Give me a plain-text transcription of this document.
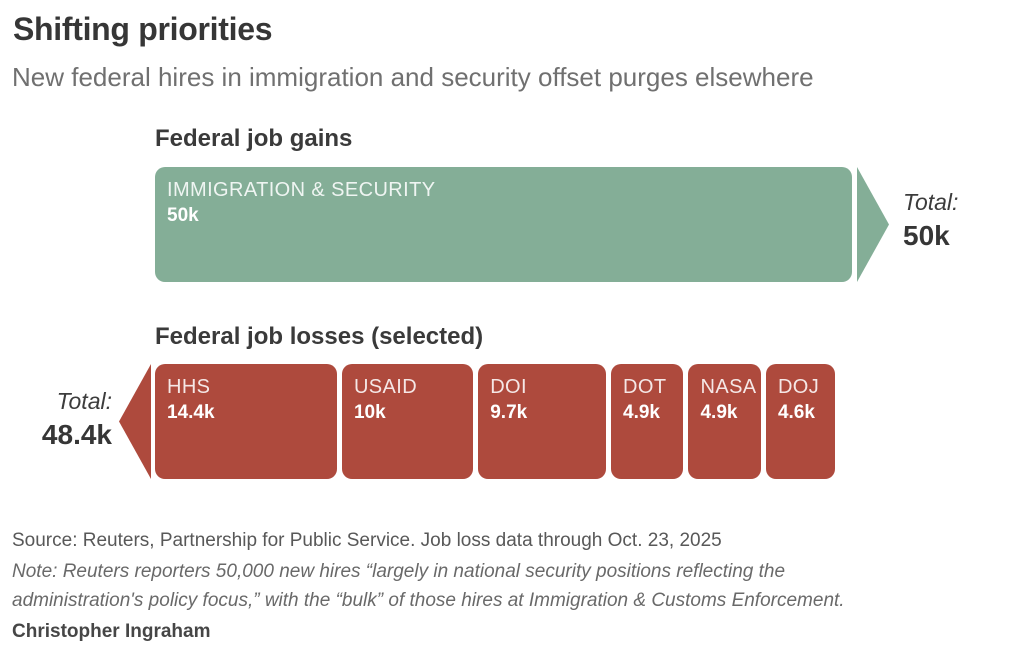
Shifting priorities
New federal hires in immigration and security offset purges elsewhere
Federal job gains
IMMIGRATION & SECURITY
50k
Total:
50k
Federal job losses (selected)
HHS
14.4k
USAID
10k
DOI
9.7k
DOT
4.9k
NASA
4.9k
DOJ
4.6k
Total:
48.4k
Source: Reuters, Partnership for Public Service. Job loss data through Oct. 23, 2025
Note: Reuters reporters 50,000 new hires “largely in national security positions reflecting the
administration's policy focus,” with the “bulk” of those hires at Immigration & Customs Enforcement.
Christopher Ingraham
